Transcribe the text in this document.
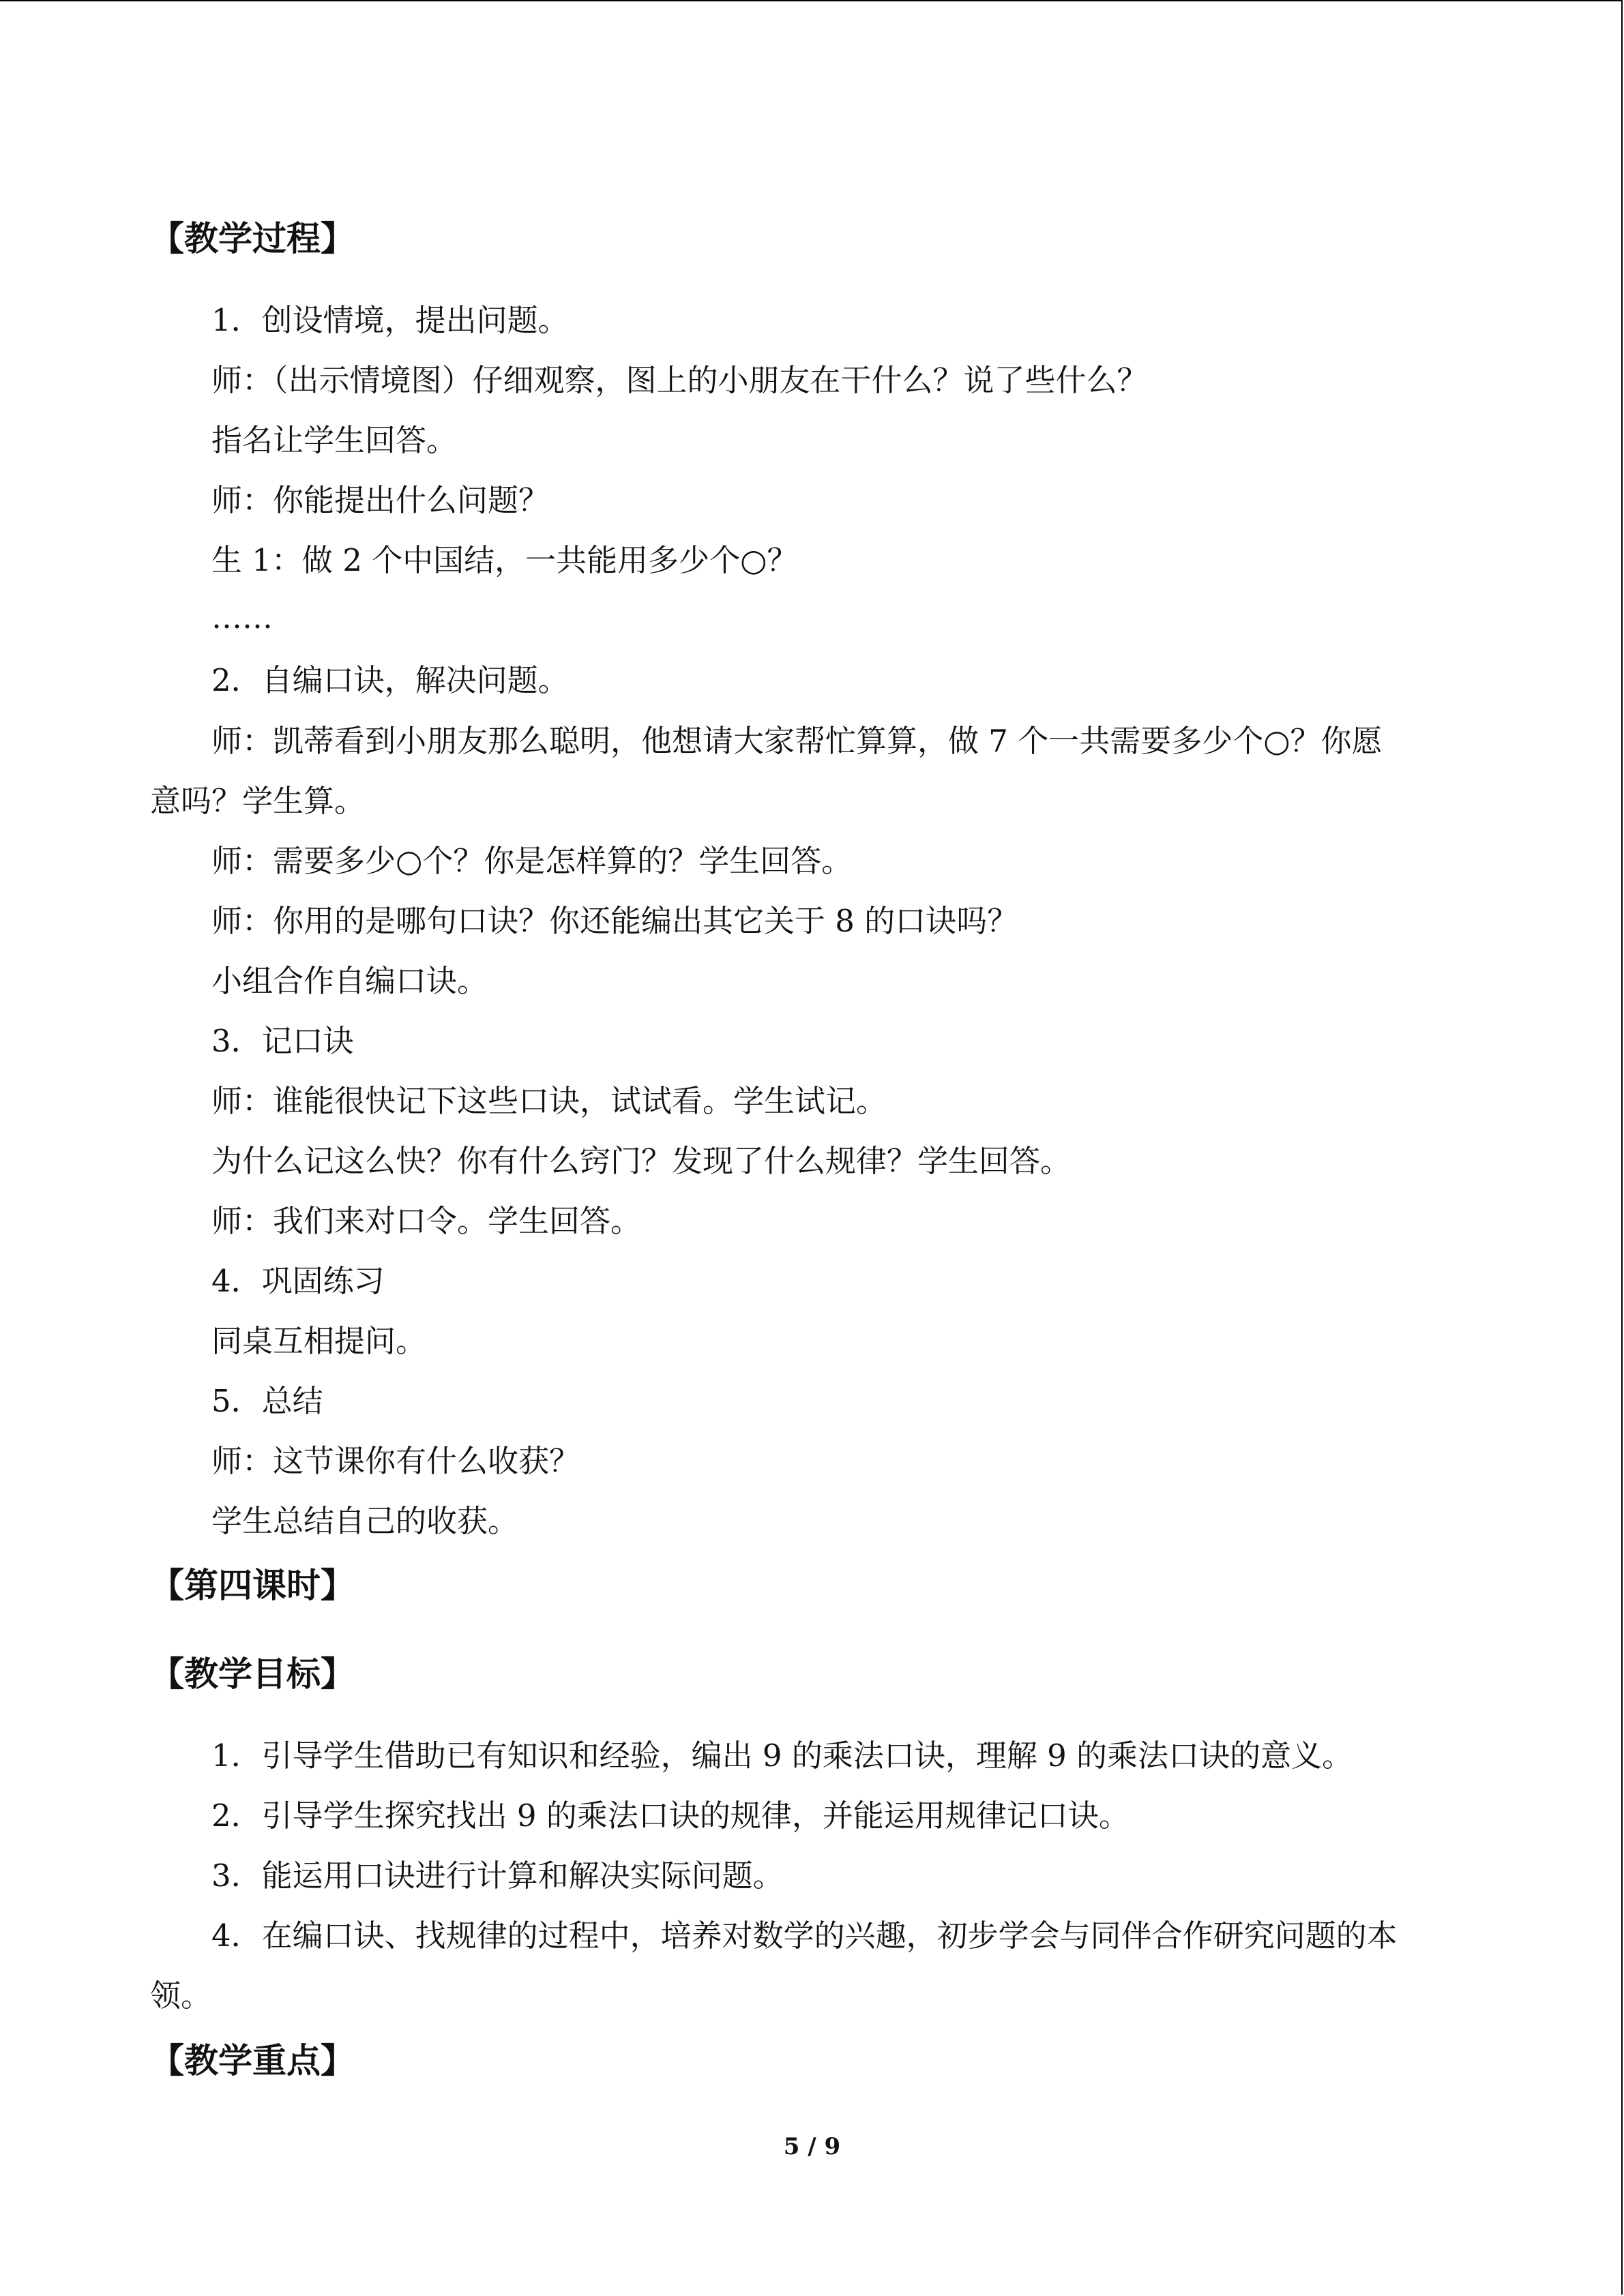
【教学过程】

1．创设情境，提出问题。

师：（出示情境图）仔细观察，图上的小朋友在干什么？说了些什么？

指名让学生回答。

师：你能提出什么问题？

生 1：做 2 个中国结，一共能用多少个○？

……

2．自编口诀，解决问题。

师：凯蒂看到小朋友那么聪明，他想请大家帮忙算算，做 7 个一共需要多少个○？你愿

意吗？学生算。

师：需要多少○个？你是怎样算的？学生回答。

师：你用的是哪句口诀？你还能编出其它关于 8 的口诀吗？

小组合作自编口诀。

3．记口诀

师：谁能很快记下这些口诀，试试看。学生试记。

为什么记这么快？你有什么窍门？发现了什么规律？学生回答。

师：我们来对口令。学生回答。

4．巩固练习

同桌互相提问。

5．总结

师：这节课你有什么收获？

学生总结自己的收获。

【第四课时】
【教学目标】

1．引导学生借助已有知识和经验，编出 9 的乘法口诀，理解 9 的乘法口诀的意义。

2．引导学生探究找出 9 的乘法口诀的规律，并能运用规律记口诀。

3．能运用口诀进行计算和解决实际问题。

4．在编口诀、找规律的过程中，培养对数学的兴趣，初步学会与同伴合作研究问题的本

领。

【教学重点】
5 / 9
